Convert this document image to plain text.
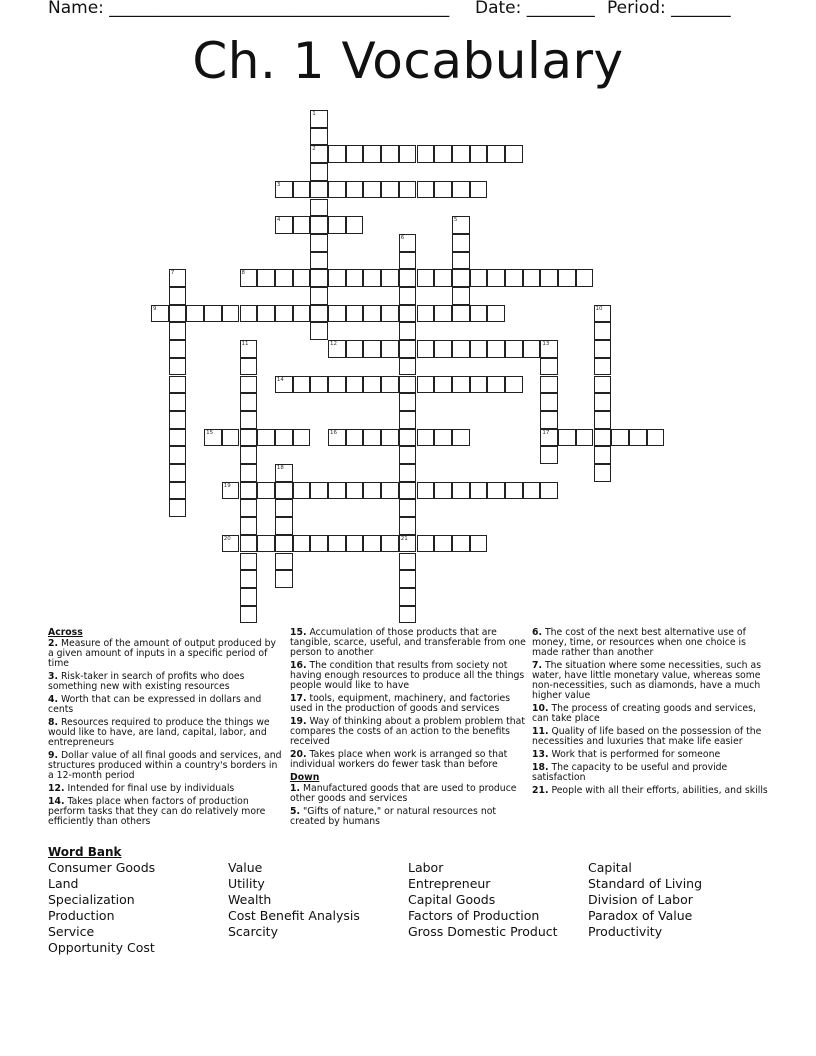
Name: ________________________________________ Date: ________ Period: _______
Ch. 1 Vocabulary
1
2
3
4	5
6
7	8
9	10
11	12	13
17
14
15	16
18
19
20	21
Across
2. Measure of the amount of output produced by a given amount of inputs in a specific period of time
3. Risk-taker in search of profits who does something new with existing resources
4. Worth that can be expressed in dollars and cents
8. Resources required to produce the things we would like to have, are land, capital, labor, and entrepreneurs
9. Dollar value of all final goods and services, and structures produced within a country's borders in a 12-month period
12. Intended for final use by individuals
14. Takes place when factors of production perform tasks that they can do relatively more efficiently than others
15. Accumulation of those products that are tangible, scarce, useful, and transferable from one person to another
16. The condition that results from society not having enough resources to produce all the things people would like to have
17. tools, equipment, machinery, and factories used in the production of goods and services
19. Way of thinking about a problem problem that compares the costs of an action to the benefits received
20. Takes place when work is arranged so that individual workers do fewer task than before
Down
1. Manufactured goods that are used to produce other goods and services
5. "Gifts of nature," or natural resources not created by humans
6. The cost of the next best alternative use of money, time, or resources when one choice is made rather than another
7. The situation where some necessities, such as water, have little monetary value, whereas some non-necessities, such as diamonds, have a much higher value
10. The process of creating goods and services, can take place
11. Quality of life based on the possession of the necessities and luxuries that make life easier
13. Work that is performed for someone
18. The capacity to be useful and provide satisfaction
21. People with all their efforts, abilities, and skills
Word Bank
Consumer Goods
Land
Specialization
Production
Service
Opportunity Cost
Value
Utility
Wealth
Cost Benefit Analysis
Scarcity
Labor
Entrepreneur
Capital Goods
Factors of Production
Gross Domestic Product
Capital
Standard of Living
Division of Labor
Paradox of Value
Productivity
